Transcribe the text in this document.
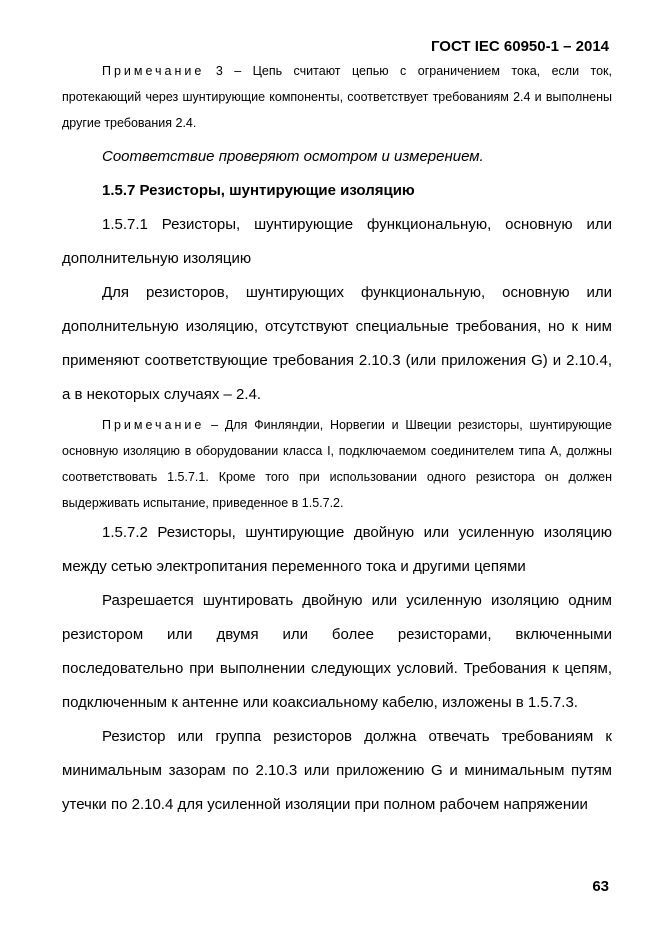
ГОСТ IEC 60950-1 – 2014

Примечание 3 – Цепь считают цепью с ограничением тока, если ток, протекающий через шунтирующие компоненты, соответствует требованиям 2.4 и выполнены другие требования 2.4.

Соответствие проверяют осмотром и измерением.

1.5.7 Резисторы, шунтирующие изоляцию

1.5.7.1 Резисторы, шунтирующие функциональную, основную или дополнительную изоляцию

Для резисторов, шунтирующих функциональную, основную или дополнительную изоляцию, отсутствуют специальные требования, но к ним применяют соответствующие требования 2.10.3 (или приложения G) и 2.10.4, а в некоторых случаях – 2.4.

Примечание – Для Финляндии, Норвегии и Швеции резисторы, шунтирующие основную изоляцию в оборудовании класса I, подключаемом соединителем типа A, должны соответствовать 1.5.7.1. Кроме того при использовании одного резистора он должен выдерживать испытание, приведенное в 1.5.7.2.

1.5.7.2 Резисторы, шунтирующие двойную или усиленную изоляцию между сетью электропитания переменного тока и другими цепями

Разрешается шунтировать двойную или усиленную изоляцию одним резистором или двумя или более резисторами, включенными последовательно при выполнении следующих условий. Требования к цепям, подключенным к антенне или коаксиальному кабелю, изложены в 1.5.7.3.

Резистор или группа резисторов должна отвечать требованиям к минимальным зазорам по 2.10.3 или приложению G и минимальным путям утечки по 2.10.4 для усиленной изоляции при полном рабочем напряжении

63
